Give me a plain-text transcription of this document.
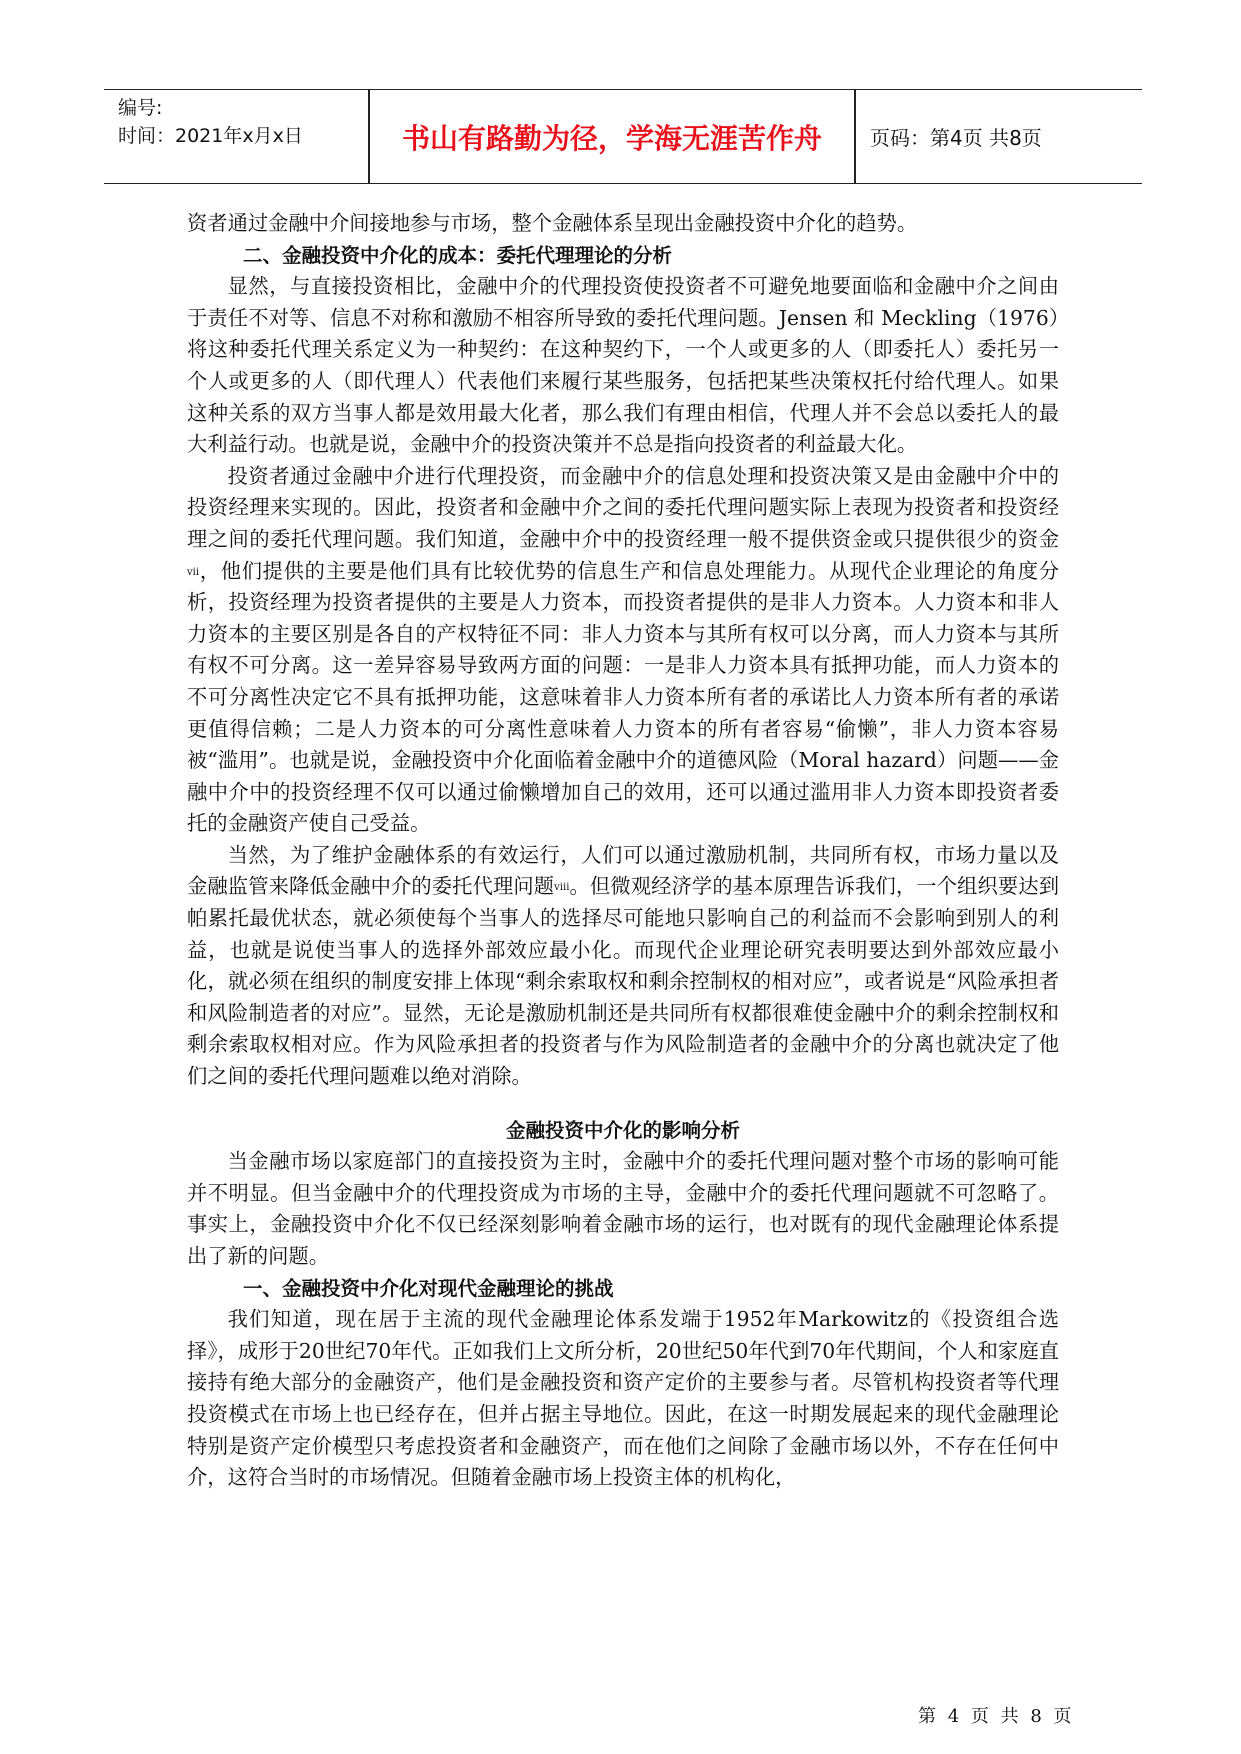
编号:
时间：2021年x月x日	书山有路勤为径，学海无涯苦作舟	页码：第4页 共8页

资者通过金融中介间接地参与市场，整个金融体系呈现出金融投资中介化的趋势。

二、金融投资中介化的成本：委托代理理论的分析

显然，与直接投资相比，金融中介的代理投资使投资者不可避免地要面临和金融中介之间由于责任不对等、信息不对称和激励不相容所导致的委托代理问题。Jensen 和 Meckling（1976）将这种委托代理关系定义为一种契约：在这种契约下，一个人或更多的人（即委托人）委托另一个人或更多的人（即代理人）代表他们来履行某些服务，包括把某些决策权托付给代理人。如果这种关系的双方当事人都是效用最大化者，那么我们有理由相信，代理人并不会总以委托人的最大利益行动。也就是说，金融中介的投资决策并不总是指向投资者的利益最大化。

投资者通过金融中介进行代理投资，而金融中介的信息处理和投资决策又是由金融中介中的投资经理来实现的。因此，投资者和金融中介之间的委托代理问题实际上表现为投资者和投资经理之间的委托代理问题。我们知道，金融中介中的投资经理一般不提供资金或只提供很少的资金$^{vii}$，他们提供的主要是他们具有比较优势的信息生产和信息处理能力。从现代企业理论的角度分析，投资经理为投资者提供的主要是人力资本，而投资者提供的是非人力资本。人力资本和非人力资本的主要区别是各自的产权特征不同：非人力资本与其所有权可以分离，而人力资本与其所有权不可分离。这一差异容易导致两方面的问题：一是非人力资本具有抵押功能，而人力资本的不可分离性决定它不具有抵押功能，这意味着非人力资本所有者的承诺比人力资本所有者的承诺更值得信赖；二是人力资本的可分离性意味着人力资本的所有者容易“偷懒”，非人力资本容易被“滥用”。也就是说，金融投资中介化面临着金融中介的道德风险（Moral hazard）问题——金融中介中的投资经理不仅可以通过偷懒增加自己的效用，还可以通过滥用非人力资本即投资者委托的金融资产使自己受益。

当然，为了维护金融体系的有效运行，人们可以通过激励机制，共同所有权，市场力量以及金融监管来降低金融中介的委托代理问题$^{viii}$。但微观经济学的基本原理告诉我们，一个组织要达到帕累托最优状态，就必须使每个当事人的选择尽可能地只影响自己的利益而不会影响到别人的利益，也就是说使当事人的选择外部效应最小化。而现代企业理论研究表明要达到外部效应最小化，就必须在组织的制度安排上体现“剩余索取权和剩余控制权的相对应”，或者说是“风险承担者和风险制造者的对应”。显然，无论是激励机制还是共同所有权都很难使金融中介的剩余控制权和剩余索取权相对应。作为风险承担者的投资者与作为风险制造者的金融中介的分离也就决定了他们之间的委托代理问题难以绝对消除。

金融投资中介化的影响分析

当金融市场以家庭部门的直接投资为主时，金融中介的委托代理问题对整个市场的影响可能并不明显。但当金融中介的代理投资成为市场的主导，金融中介的委托代理问题就不可忽略了。事实上，金融投资中介化不仅已经深刻影响着金融市场的运行，也对既有的现代金融理论体系提出了新的问题。

一、金融投资中介化对现代金融理论的挑战

我们知道，现在居于主流的现代金融理论体系发端于1952年Markowitz的《投资组合选择》，成形于20世纪70年代。正如我们上文所分析，20世纪50年代到70年代期间，个人和家庭直接持有绝大部分的金融资产，他们是金融投资和资产定价的主要参与者。尽管机构投资者等代理投资模式在市场上也已经存在，但并占据主导地位。因此，在这一时期发展起来的现代金融理论特别是资产定价模型只考虑投资者和金融资产，而在他们之间除了金融市场以外，不存在任何中介，这符合当时的市场情况。但随着金融市场上投资主体的机构化，

第 4 页 共 8 页
